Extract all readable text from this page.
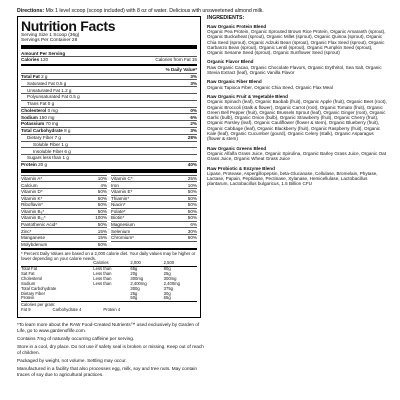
Directions: Mix 1 level scoop (scoop included) with 8 oz of water. Delicious with unsweetened almond milk.
Nutrition Facts
Serving Size 1 Scoop (36g)
Servings Per Container 28
Amount Per Serving
Calories 120	Calories from Fat 15
% Daily Value*
Total Fat 2 g	3%
Saturated Fat 0.5 g	3%
Unsaturated Fat 1.2 g
Polyunsaturated Fat 0.5 g
Trans Fat 0 g
Cholesterol 0 mg	0%
Sodium 150 mg	6%
Potassium 70 mg	2%
Total Carbohydrate 8 g	3%
Dietary Fiber 7 g	28%
Soluble Fiber 1 g
Insoluble Fiber 6 g
Sugars less than 1 g
Protein 20 g	40%
Vitamin A*	10% Vitamin C*	25%
Calcium	4% Iron	10%
Vitamin D*	50% Vitamin E*	50%
Vitamin K*	50% Thiamin*	50%
Riboflavin*	50% Niacin*	50%
Vitamin B₆*	50% Folate*	50%
Vitamin B₁₂*	100% Biotin*	50%
Pantothenic Acid*	50% Magnesium	6%
Zinc*	15% Selenium	30%
Manganese	15% Chromium*	60%
Molybdenum	50%
* Percent Daily Values are based on a 2,000 calorie diet. Your daily values may be higher or lower depending on your calorie needs.
	Calories	2,000	2,500
Total Fat	Less than	65g	80g
Sat Fat	Less than	20g	25g
Cholesterol	Less than	300mg	300mg
Sodium	Less than	2,400mg	2,400mg
Total Carbohydrate		300g	375g
Dietary Fiber		25g	30g
Protein		50g	65g
Calories per gram:
Fat 9	Carbohydrate 4	Protein 4

*To learn more about the RAW Food-Created Nutrients™ used exclusively by Garden of Life, go to www.gardenoflife.com.

Contains 7mg of naturally occurring caffeine per serving.

Store in a cool, dry place. Do not use if safety seal is broken or missing. Keep out of reach of children.

Packaged by weight, not volume. Settling may occur.

Manufactured in a facility that also processes egg, milk, soy and tree nuts. May contain traces of soy due to agricultural practices.

INGREDIENTS:
Raw Organic Protein Blend

Organic Pea Protein, Organic Sprouted Brown Rice Protein, Organic Amaranth (sprout), Organic Buckwheat (sprout), Organic Millet (sprout), Organic Quinoa (sprout), Organic Chia Seed (sprout), Organic Adzuki Bean (sprout), Organic Flax Seed (sprout), Organic Garbanzo Bean (sprout), Organic Lentil (sprout), Organic Pumpkin Seed (sprout), Organic Sesame Seed (sprout), Organic Sunflower Seed (sprout)

Organic Flavor Blend

Raw Organic Cacao, Organic Chocolate Flavors, Organic Erythritol, Sea Salt, Organic Stevia Extract (leaf), Organic Vanilla Flavor

Raw Organic Fiber Blend

Organic Tapioca Fiber, Organic Chia Seed, Organic Flax Meal

Raw Organic Fruit & Vegetable Blend

Organic Spinach (leaf), Organic Baobab (fruit), Organic Apple (fruit), Organic Beet (root), Organic Broccoli (stalk & flower), Organic Carrot (root), Organic Tomato (fruit), Organic Green Bell Pepper (fruit), Organic Brussels Sprout (leaf), Organic Ginger (root), Organic Garlic (bulb), Organic Onion (bulb), Organic Strawberry (fruit), Organic Cherry (fruit), Organic Parsley (leaf), Organic Cauliflower (flower & stem), Organic Blueberry (fruit), Organic Cabbage (leaf), Organic Blackberry (fruit), Organic Raspberry (fruit), Organic Kale (leaf), Organic Cucumber (gourd), Organic Celery (stalk), Organic Asparagus (flower & stem)

Raw Organic Greens Blend

Organic Alfalfa Grass Juice, Organic Spirulina, Organic Barley Grass Juice, Organic Oat Grass Juice, Organic Wheat Grass Juice

Raw Probiotic & Enzyme Blend

Lipase, Protease, Aspergillopepsin, beta-Glucanase, Cellulase, Bromelain, Phytase, Lactase, Papain, Peptidase, Pectinase, Xylanase, Hemicellulase, Lactobacillus plantarum, Lactobacillus bulgaricus, 1.5 Billion CFU
